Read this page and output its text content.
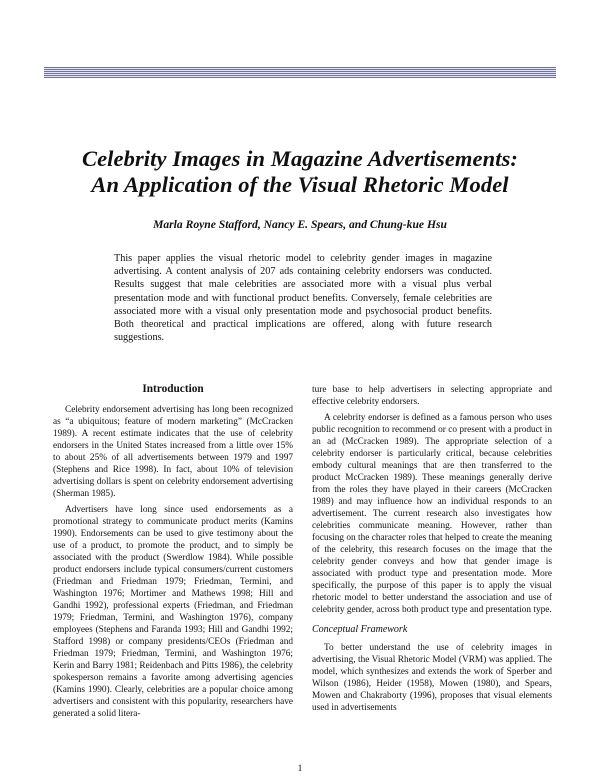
Celebrity Images in Magazine Advertisements:
An Application of the Visual Rhetoric Model
Marla Royne Stafford, Nancy E. Spears, and Chung-kue Hsu

This paper applies the visual rhetoric model to celebrity gender images in magazine advertising. A content analysis of 207 ads containing celebrity endorsers was conducted. Results suggest that male celebrities are associated more with a visual plus verbal presentation mode and with functional product benefits. Conversely, female celebrities are associated more with a visual only presentation mode and psychosocial product benefits. Both theoretical and practical implications are offered, along with future research suggestions.

Introduction

Celebrity endorsement advertising has long been recognized as “a ubiquitous; feature of modern marketing” (McCracken 1989). A recent estimate indicates that the use of celebrity endorsers in the United States increased from a little over 15% to about 25% of all advertisements between 1979 and 1997 (Stephens and Rice 1998). In fact, about 10% of television advertising dollars is spent on celebrity endorsement advertising (Sherman 1985).

Advertisers have long since used endorsements as a promotional strategy to communicate product merits (Kamins 1990). Endorsements can be used to give testimony about the use of a product, to promote the product, and to simply be associated with the product (Swerdlow 1984). While possible product endorsers include typical consumers/current customers (Friedman and Friedman 1979; Friedman, Termini, and Washington 1976; Mortimer and Mathews 1998; Hill and Gandhi 1992), professional experts (Friedman, and Friedman 1979; Friedman, Termini, and Washington 1976), company employees (Stephens and Faranda 1993; Hill and Gandhi 1992; Stafford 1998) or company presidents/CEOs (Friedman and Friedman 1979; Friedman, Termini, and Washington 1976; Kerin and Barry 1981; Reidenbach and Pitts 1986), the celebrity spokesperson remains a favorite among advertising agencies (Kamins 1990). Clearly, celebrities are a popular choice among advertisers and consistent with this popularity, researchers have generated a solid litera-

ture base to help advertisers in selecting appropriate and effective celebrity endorsers.

A celebrity endorser is defined as a famous person who uses public recognition to recommend or co present with a product in an ad (McCracken 1989). The appropriate selection of a celebrity endorser is particularly critical, because celebrities embody cultural meanings that are then transferred to the product McCracken 1989). These meanings generally derive from the roles they have played in their careers (McCracken 1989) and may influence how an individual responds to an advertisement. The current research also investigates how celebrities communicate meaning. However, rather than focusing on the character roles that helped to create the meaning of the celebrity, this research focuses on the image that the celebrity gender conveys and how that gender image is associated with product type and presentation mode. More specifically, the purpose of this paper is to apply the visual rhetoric model to better understand the association and use of celebrity gender, across both product type and presentation type.

Conceptual Framework

To better understand the use of celebrity images in advertising, the Visual Rhetoric Model (VRM) was applied. The model, which synthesizes and extends the work of Sperber and Wilson (1986), Heider (1958), Mowen (1980), and Spears, Mowen and Chakraborty (1996), proposes that visual elements used in advertisements

1
